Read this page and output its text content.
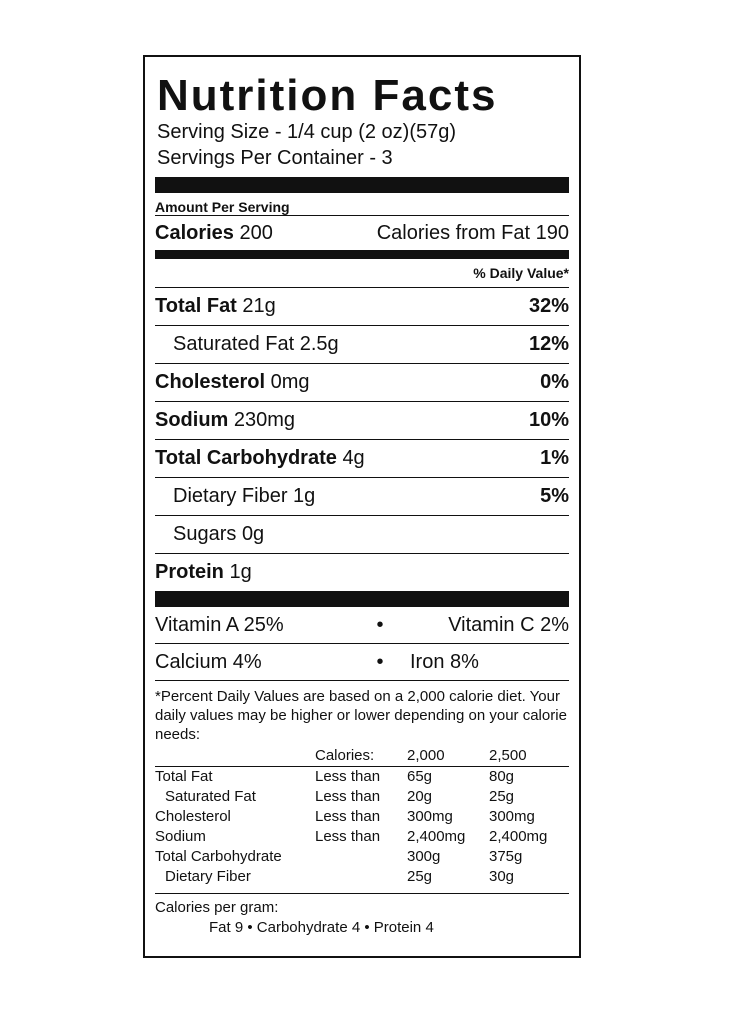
Nutrition Facts
Serving Size - 1/4 cup (2 oz)(57g)
Servings Per Container - 3
Amount Per Serving
Calories 200	Calories from Fat 190
% Daily Value*
Total Fat 21g	32%
Saturated Fat 2.5g	12%
Cholesterol 0mg	0%
Sodium 230mg	10%
Total Carbohydrate 4g	1%
Dietary Fiber 1g	5%
Sugars 0g
Protein 1g
Vitamin A 25%	•	Vitamin C 2%
Calcium 4%	•	Iron 8%
*Percent Daily Values are based on a 2,000 calorie diet. Your daily values may be higher or lower depending on your calorie needs:
	Calories:	2,000	2,500
Total Fat	Less than	65g	80g
Saturated Fat	Less than	20g	25g
Cholesterol	Less than	300mg	300mg
Sodium	Less than	2,400mg	2,400mg
Total Carbohydrate		300g	375g
Dietary Fiber		25g	30g
Calories per gram:
Fat 9 • Carbohydrate 4 • Protein 4
